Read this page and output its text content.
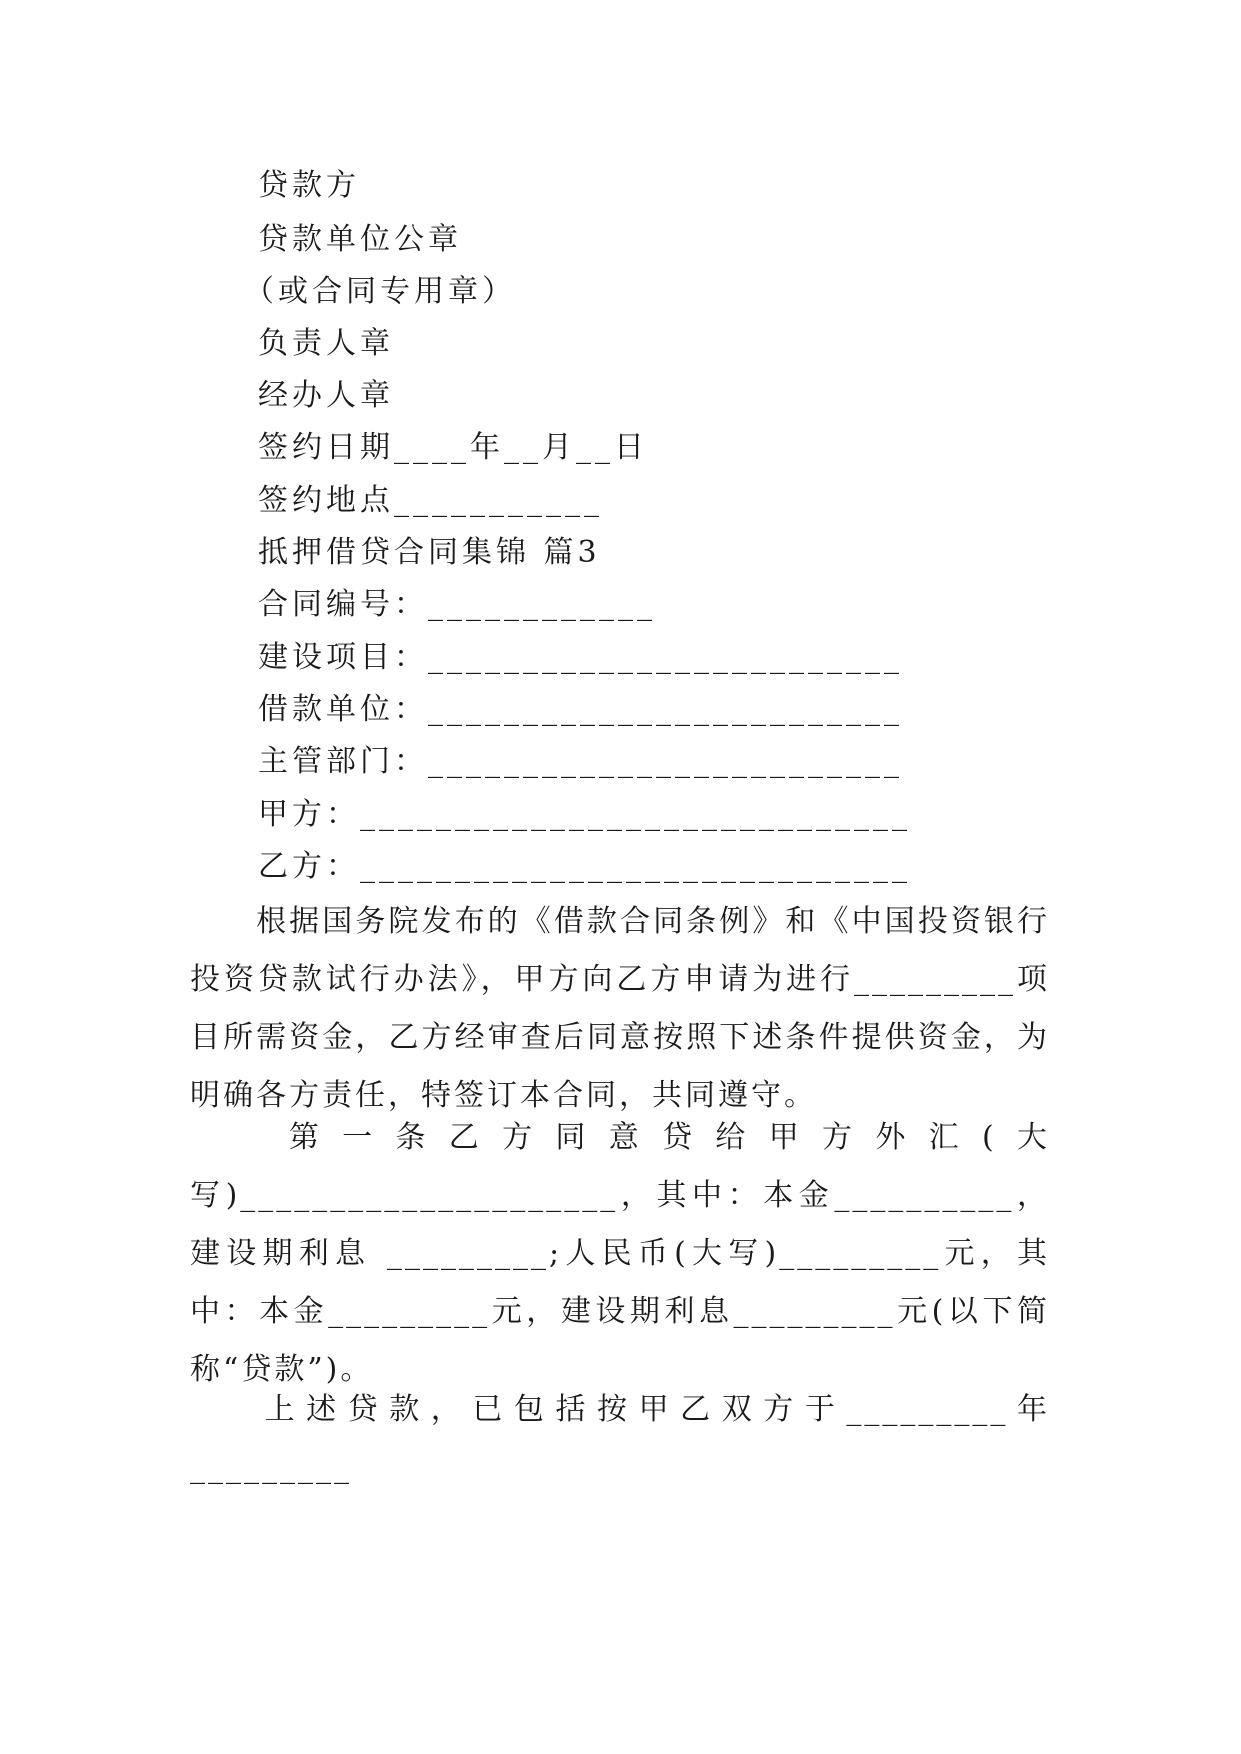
贷款方
贷款单位公章
（或合同专用章）
负责人章
经办人章
签约日期____年__月__日
签约地点___________
抵押借贷合同集锦 篇3
合同编号：____________
建设项目：_________________________
借款单位：_________________________
主管部门：_________________________
甲方：_____________________________
乙方：_____________________________
根据国务院发布的《借款合同条例》和《中国投资银行投资贷款试行办法》，甲方向乙方申请为进行_________项目所需资金，乙方经审查后同意按照下述条件提供资金，为明确各方责任，特签订本合同，共同遵守。
第一条乙方同意贷给甲方外汇(大写)_____________________，其中：本金__________，建设期利息 _________;人民币(大写)_________元，其中：本金_________元，建设期利息_________元(以下简称“贷款”)。
上述贷款，已包括按甲乙双方于_________年_________
